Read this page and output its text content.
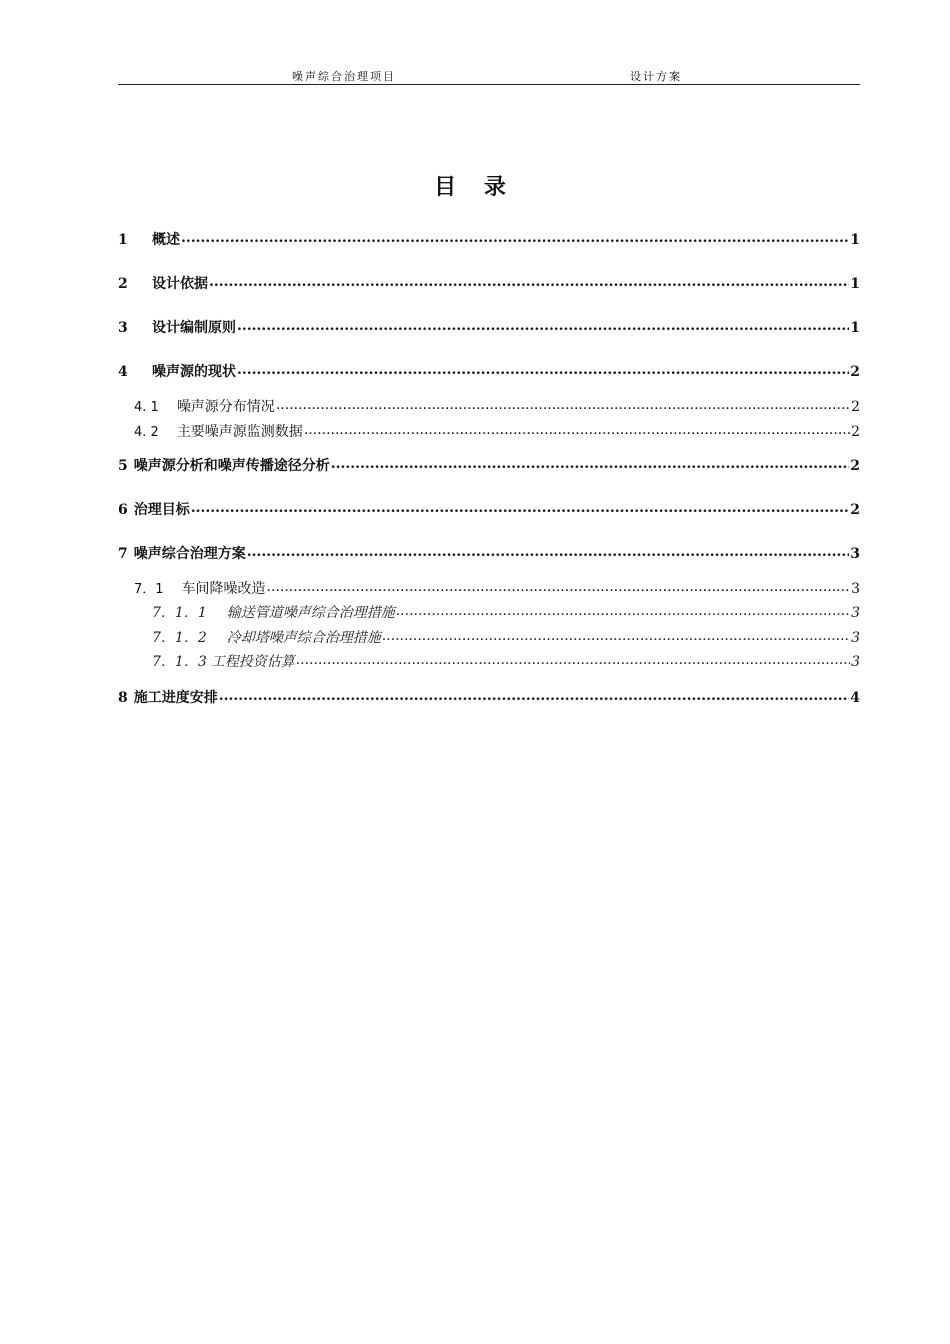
噪声综合治理项目	设计方案
目 录
1	概述 .....	1
2	设计依据 .....	1
3	设计编制原则 .....	1
4	噪声源的现状 .....	2
4. 1 噪声源分布情况 .....	2
4. 2 主要噪声源监测数据 .....	2
5 噪声源分析和噪声传播途径分析 .....	2
6 治理目标 .....	2
7 噪声综合治理方案 .....	3
7．1 车间降噪改造 .....	3
7．1．1 输送管道噪声综合治理措施 .....	3
7．1．2 冷却塔噪声综合治理措施 .....	3
7．1．3 工程投资估算 .....	3
8 施工进度安排 .....	4
